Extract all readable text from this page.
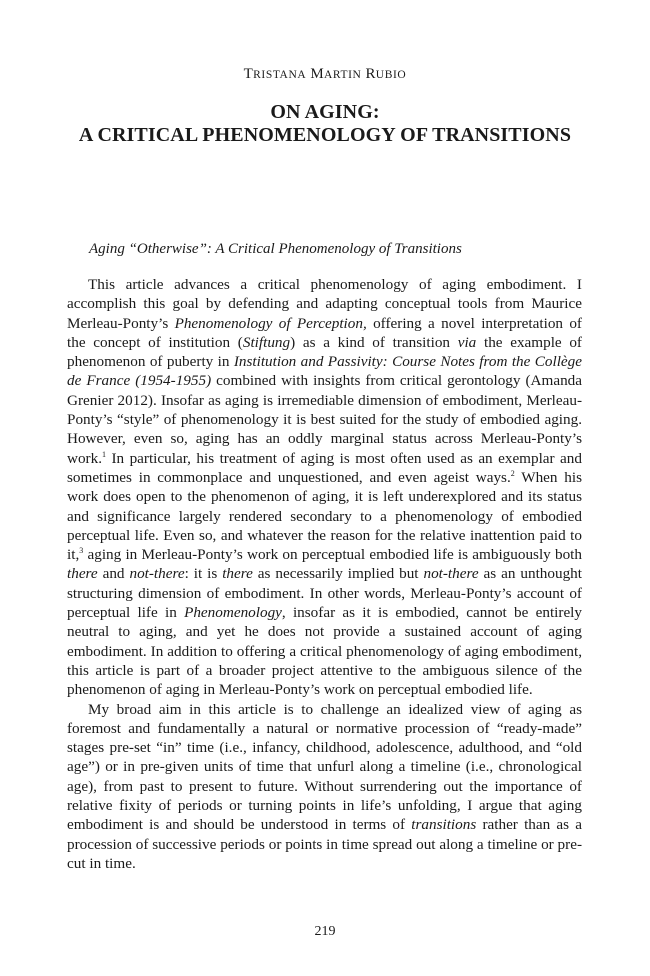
TRISTANA MARTIN RUBIO
ON AGING:
A CRITICAL PHENOMENOLOGY OF TRANSITIONS
Aging “Otherwise”: A Critical Phenomenology of Transitions

This article advances a critical phenomenology of aging embodiment. I accomplish this goal by defending and adapting conceptual tools from Maurice Merleau-Ponty’s Phenomenology of Perception, offering a novel interpretation of the concept of institution (Stiftung) as a kind of transition via the example of phenomenon of puberty in Institution and Passivity: Course Notes from the Collège de France (1954-1955) combined with insights from critical gerontology (Amanda Grenier 2012). Insofar as aging is irremediable dimension of embodiment, Merleau-Ponty’s “style” of phenomenology it is best suited for the study of embodied aging. However, even so, aging has an oddly marginal status across Merleau-Ponty’s work.$^1$ In particular, his treatment of aging is most often used as an exemplar and sometimes in commonplace and unquestioned, and even ageist ways.$^2$ When his work does open to the phenomenon of aging, it is left underexplored and its status and significance largely rendered secondary to a phenomenology of embodied perceptual life. Even so, and whatever the reason for the relative inattention paid to it,$^3$ aging in Merleau-Ponty’s work on perceptual embodied life is ambiguously both there and not-there: it is there as necessarily implied but not-there as an unthought structuring dimension of embodiment. In other words, Merleau-Ponty’s account of perceptual life in Phenomenology, insofar as it is embodied, cannot be entirely neutral to aging, and yet he does not provide a sustained account of aging embodiment. In addition to offering a critical phenomenology of aging embodiment, this article is part of a broader project attentive to the ambiguous silence of the phenomenon of aging in Merleau-Ponty’s work on perceptual embodied life.

My broad aim in this article is to challenge an idealized view of aging as foremost and fundamentally a natural or normative procession of “ready-made” stages pre-set “in” time (i.e., infancy, childhood, adolescence, adulthood, and “old age”) or in pre-given units of time that unfurl along a timeline (i.e., chronological age), from past to present to future. Without surrendering out the importance of relative fixity of periods or turning points in life’s unfolding, I argue that aging embodiment is and should be understood in terms of transitions rather than as a procession of successive periods or points in time spread out along a timeline or pre-cut in time.

219
